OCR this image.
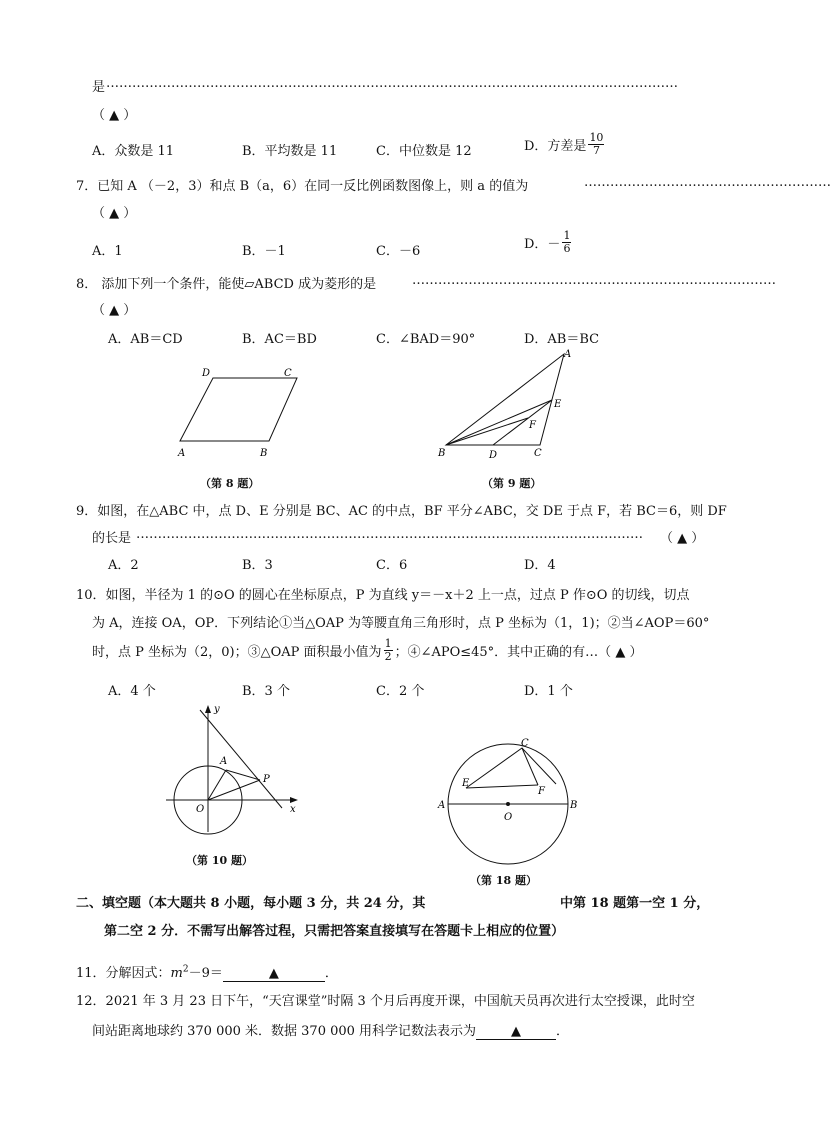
是 ……………………………………………………………………………………………………………………
（ ▲ ）
A．众数是 11	B．平均数是 11	C．中位数是 12	D．方差是 $\frac{10}{7}$
7．已知 A （－2，3）和点 B（a，6）在同一反比例函数图像上，则 a 的值为	…………………………………………………
（ ▲ ）
A．1	B．－1	C．－6	D．－ $\frac{1}{6}$
8． 添加下列一个条件，能使▱ABCD 成为菱形的是	…………………………………………………………………………
（ ▲ ）
A．AB＝CD	B．AC＝BD	C．∠BAD＝90°	D．AB＝BC
D	C
A	B
（第 8 题）
A
E
F
B	D	C
（第 9 题）
9．如图，在△ABC 中，点 D、E 分别是 BC、AC 的中点，BF 平分∠ABC，交 DE 于点 F，若 BC＝6，则 DF
的长是 ………………………………………………………………………………………………………	（ ▲ ）
A．2	B．3	C．6	D．4
10．如图，半径为 1 的⊙O 的圆心在坐标原点，P 为直线 y＝－x＋2 上一点，过点 P 作⊙O 的切线，切点
为 A，连接 OA，OP．下列结论①当△OAP 为等腰直角三角形时，点 P 坐标为（1，1)；②当∠AOP＝60°
时，点 P 坐标为（2，0)；③△OAP 面积最小值为 $\frac{1}{2}$ ；④∠APO≤45°．其中正确的有…（ ▲ ）
A．4 个	B．3 个	C．2 个	D．1 个
y
A
P
O	x
（第 10 题）
C
E
F
A
O
B
（第 18 题）
二、填空题（本大题共 8 小题，每小题 3 分，共 24 分，其	中第 18 题第一空 1 分，
第二空 2 分．不需写出解答过程，只需把答案直接填写在答题卡上相应的位置）
11．分解因式：$m^2-9=$	▲	．
12．2021 年 3 月 23 日下午，“天宫课堂”时隔 3 个月后再度开课，中国航天员再次进行太空授课，此时空
间站距离地球约 370 000 米．数据 370 000 用科学记数法表示为	▲	．
